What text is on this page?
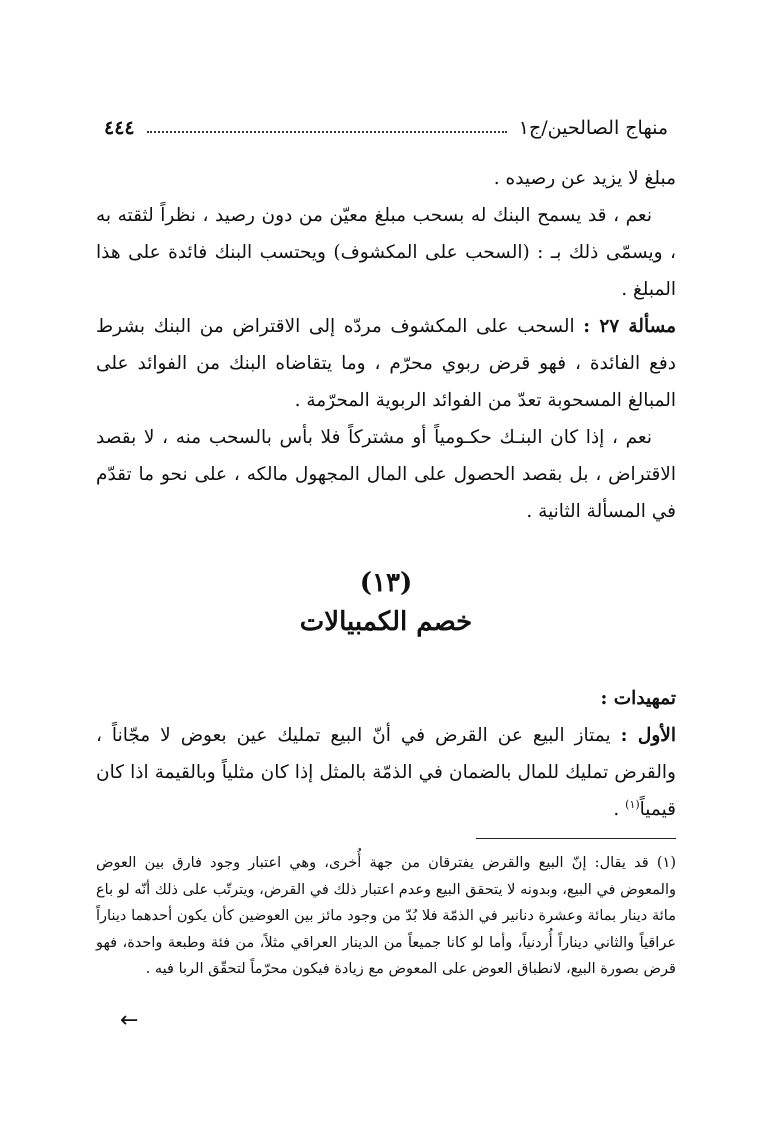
منهاج الصالحين/ج١
٤٤٤

مبلغ لا يزيد عن رصيده .

نعم ، قد يسمح البنك له بسحب مبلغ معيّن من دون رصيد ، نظراً لثقته به ، ويسمّى ذلك بـ : (السحب على المكشوف) ويحتسب البنك فائدة على هذا المبلغ .

مسألة ٢٧ : السحب على المكشوف مردّه إلى الاقتراض من البنك بشرط دفع الفائدة ، فهو قرض ربوي محرّم ، وما يتقاضاه البنك من الفوائد على المبالغ المسحوبة تعدّ من الفوائد الربوية المحرّمة .

نعم ، إذا كان البنـك حكـومياً أو مشتركاً فلا بأس بالسحب منه ، لا بقصد الاقتراض ، بل بقصد الحصول على المال المجهول مالكه ، على نحو ما تقدّم في المسألة الثانية .

(١٣)
خصم الكمبيالات

تمهيدات :

الأول : يمتاز البيع عن القرض في أنّ البيع تمليك عين بعوض لا مجّاناً ، والقرض تمليك للمال بالضمان في الذمّة بالمثل إذا كان مثلياً وبالقيمة اذا كان قيمياً$^{(١)}$ .

(١) قد يقال: إنّ البيع والقرض يفترقان من جهة أُخرى، وهي اعتبار وجود فارق بين العوض والمعوض في البيع، وبدونه لا يتحقق البيع وعدم اعتبار ذلك في القرض، ويترتّب على ذلك أنّه لو باع مائة دينار بمائة وعشرة دنانير في الذمّة فلا بُدّ من وجود مائز بين العوضين كأن يكون أحدهما ديناراً عراقياً والثاني ديناراً أُردنياً، وأما لو كانا جميعاً من الدينار العراقي مثلاً، من فئة وطبعة واحدة، فهو قرض بصورة البيع، لانطباق العوض على المعوض مع زيادة فيكون محرّماً لتحقّق الربا فيه .

←
